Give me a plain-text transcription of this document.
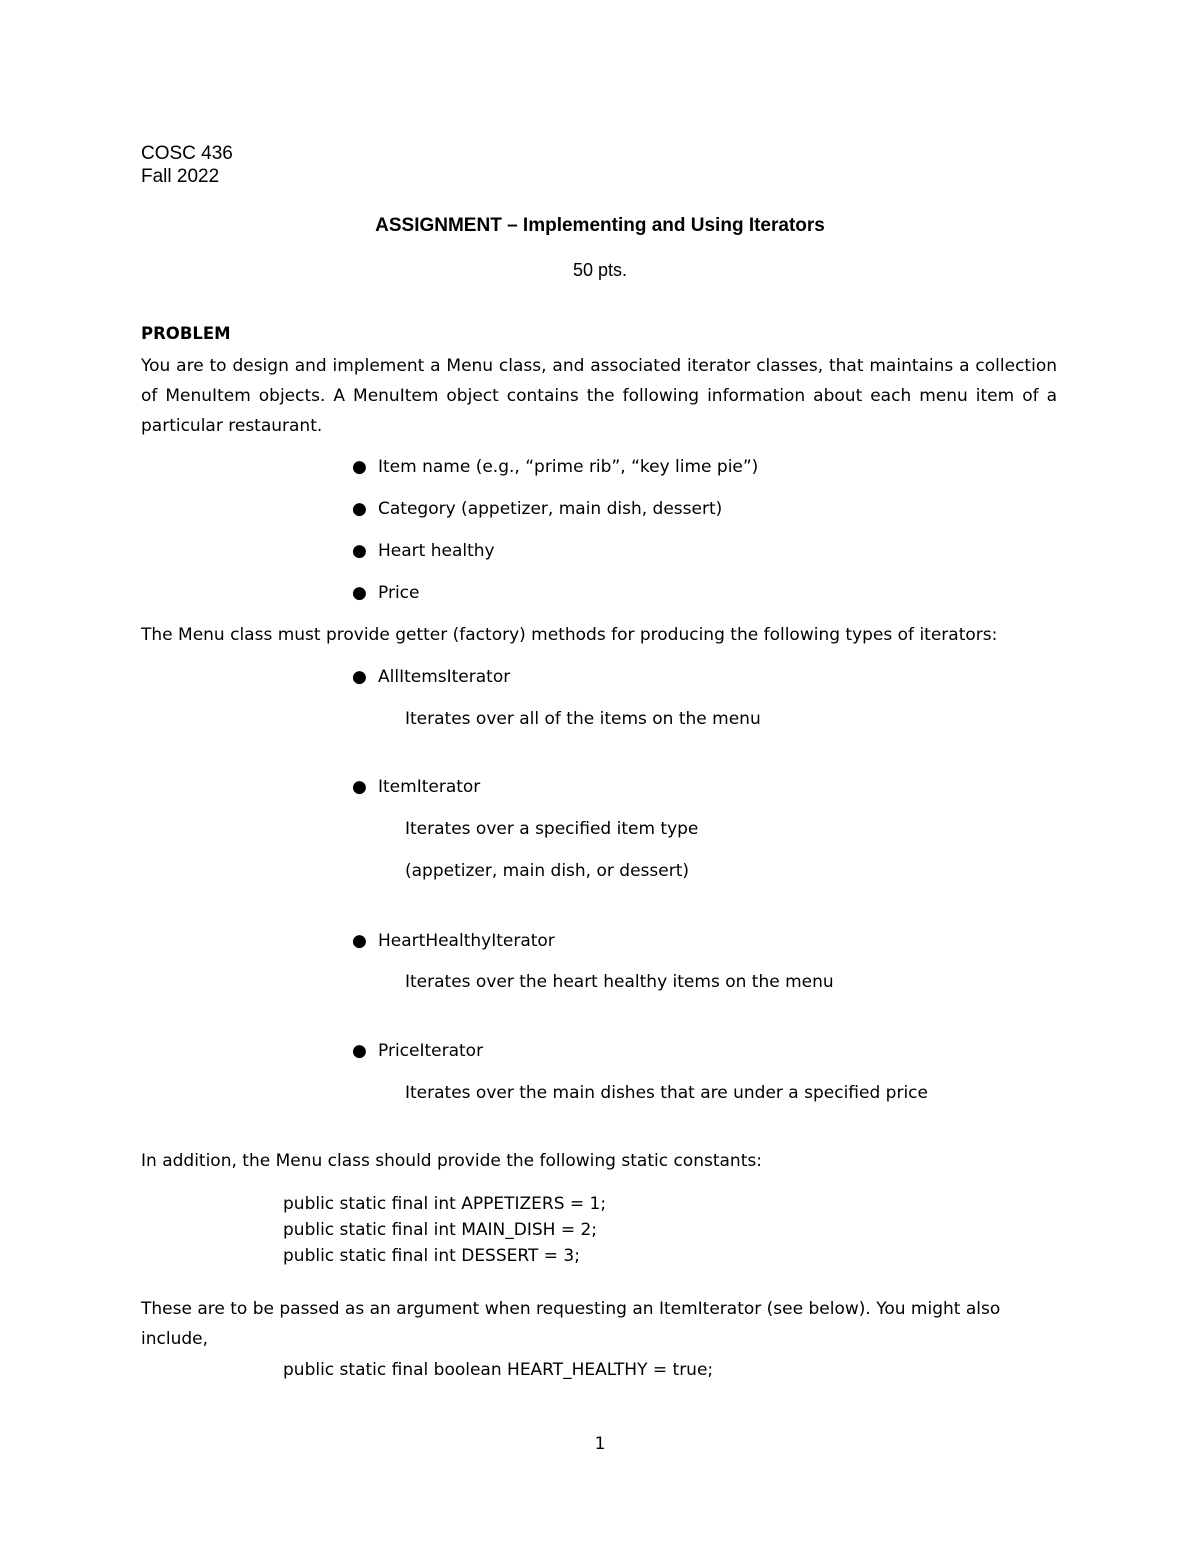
COSC 436
Fall 2022
ASSIGNMENT – Implementing and Using Iterators
50 pts.
PROBLEM
You are to design and implement a Menu class, and associated iterator classes, that maintains a collection of MenuItem objects. A MenuItem object contains the following information about each menu item of a particular restaurant.
● Item name (e.g., “prime rib”, “key lime pie”)
● Category (appetizer, main dish, dessert)
● Heart healthy
● Price
The Menu class must provide getter (factory) methods for producing the following types of iterators:
● AllItemsIterator
Iterates over all of the items on the menu
● ItemIterator
Iterates over a specified item type
(appetizer, main dish, or dessert)
● HeartHealthyIterator
Iterates over the heart healthy items on the menu
● PriceIterator
Iterates over the main dishes that are under a specified price
In addition, the Menu class should provide the following static constants:
public static final int APPETIZERS = 1;
public static final int MAIN_DISH = 2;
public static final int DESSERT = 3;
These are to be passed as an argument when requesting an ItemIterator (see below). You might also
include,
public static final boolean HEART_HEALTHY = true;
1
